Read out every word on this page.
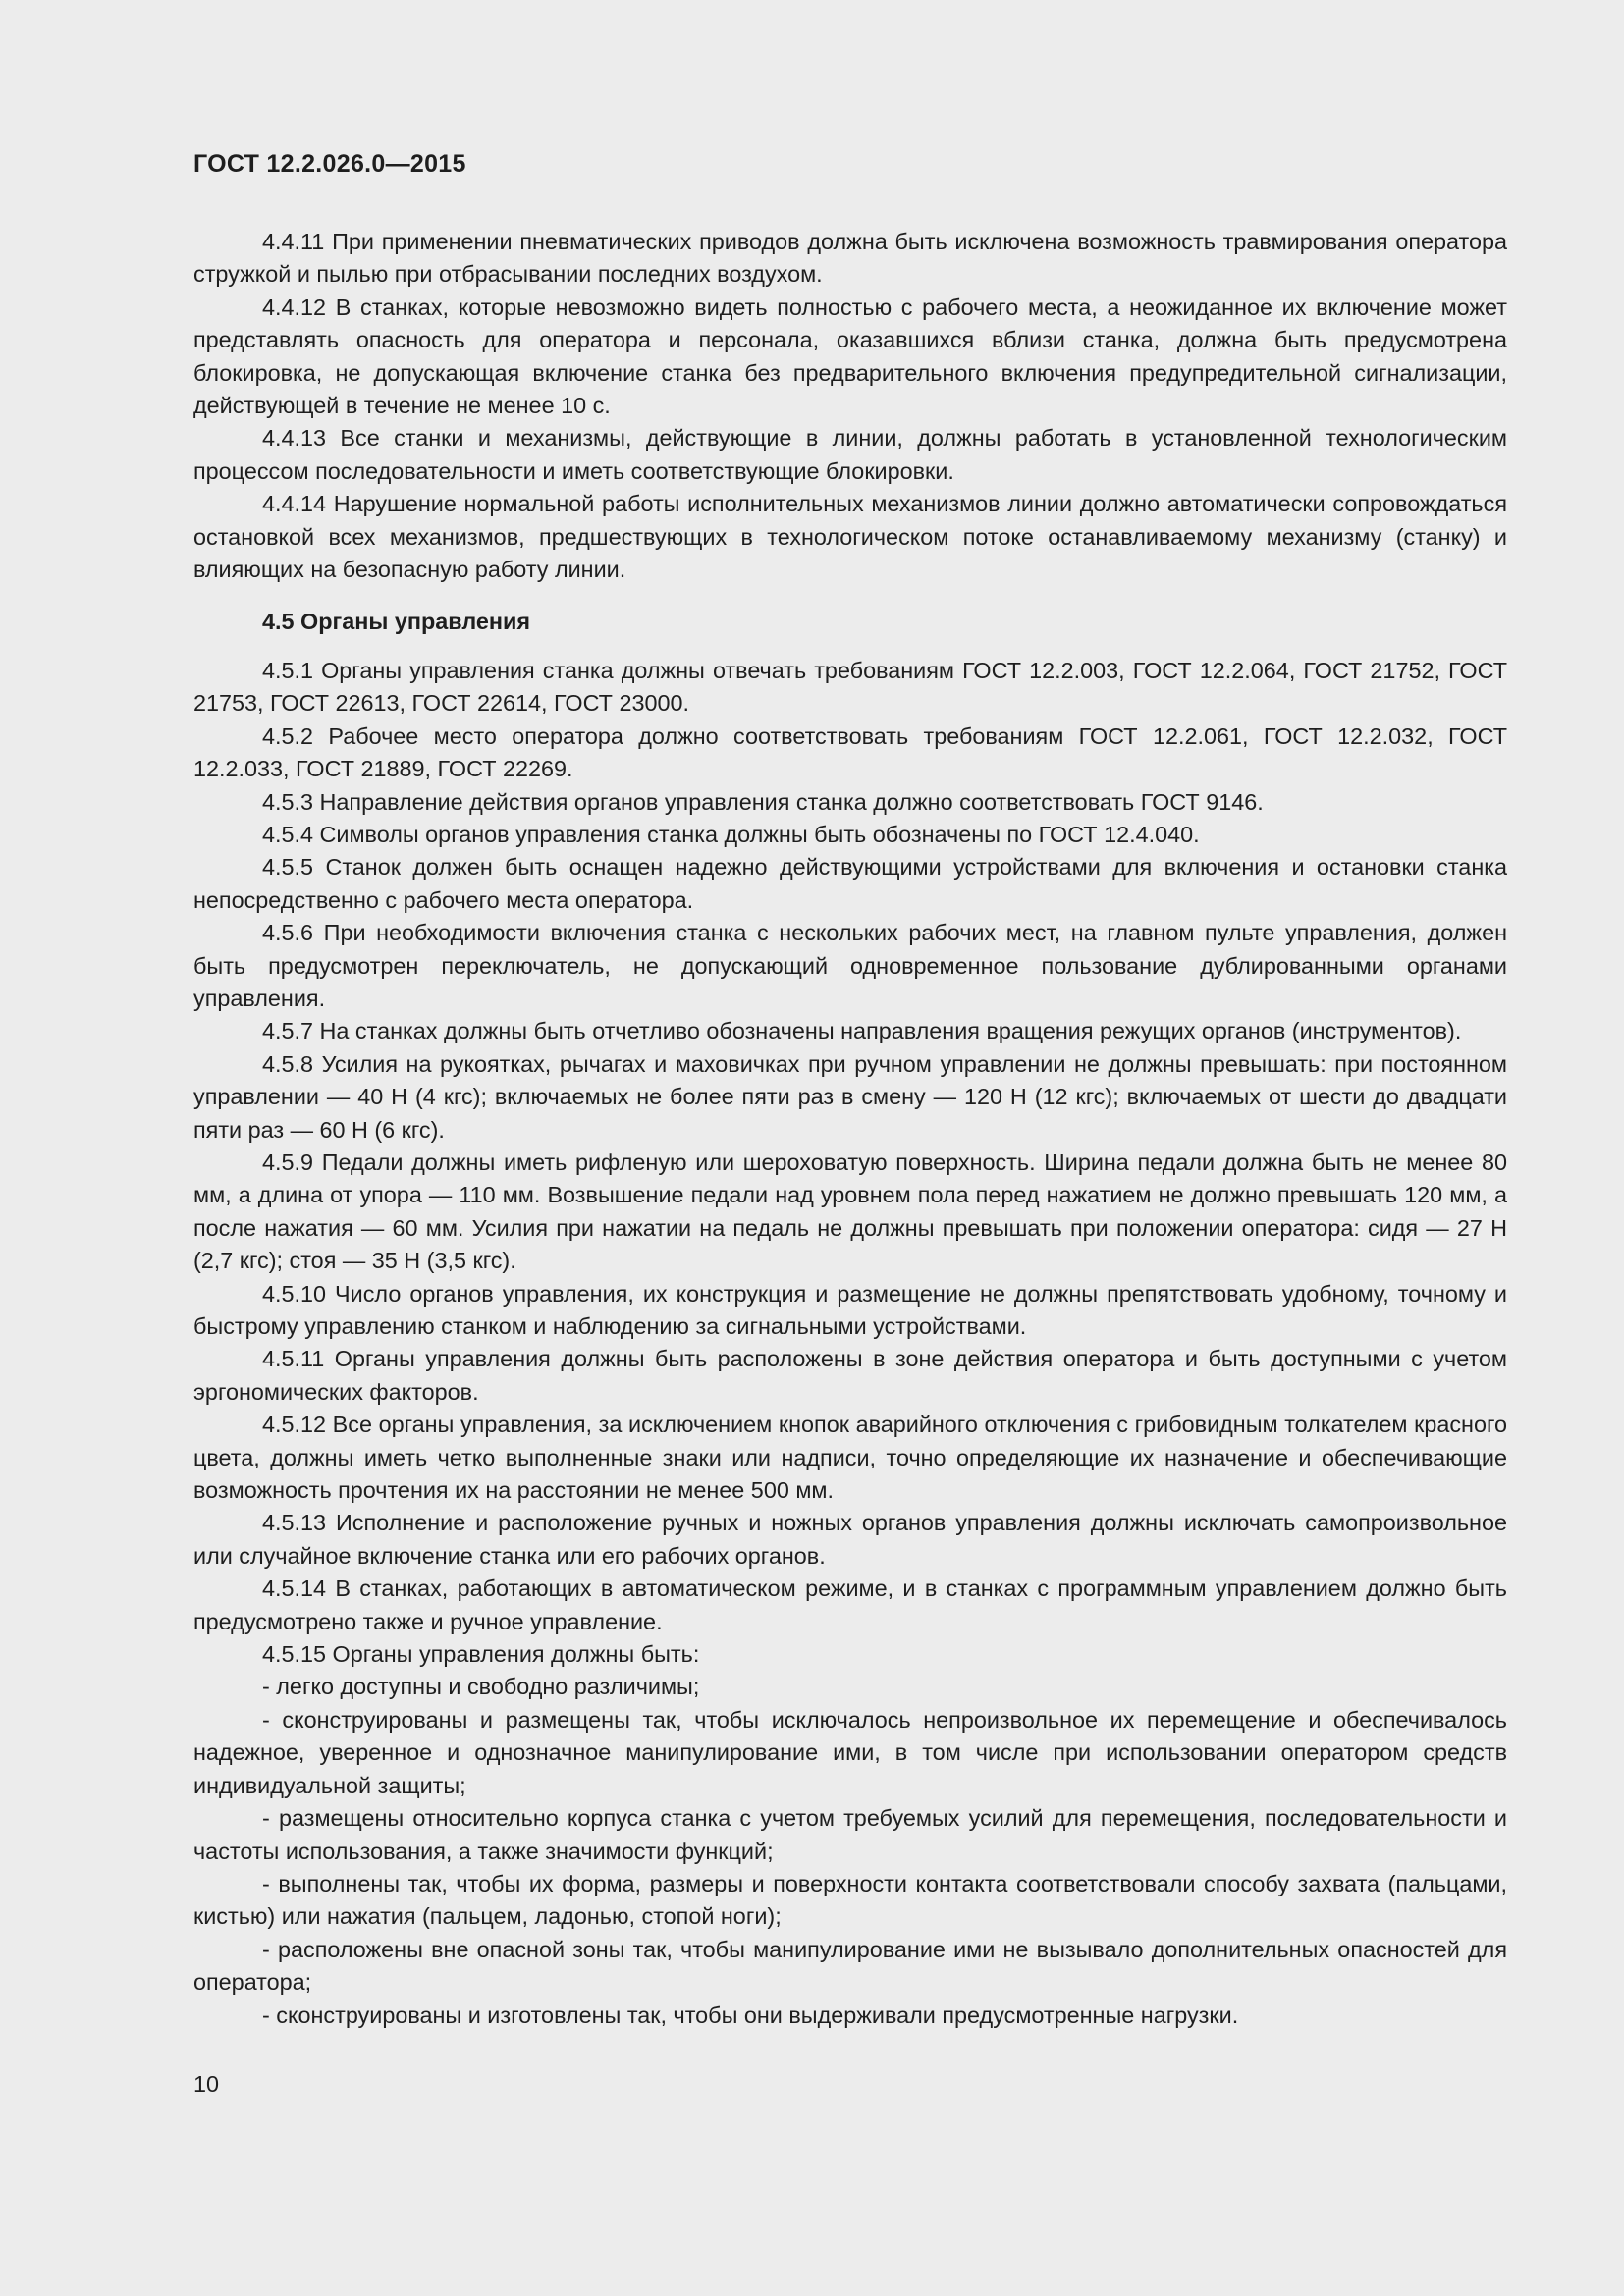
ГОСТ 12.2.026.0—2015

4.4.11 При применении пневматических приводов должна быть исключена возможность травмирования оператора стружкой и пылью при отбрасывании последних воздухом.

4.4.12 В станках, которые невозможно видеть полностью с рабочего места, а неожиданное их включение может представлять опасность для оператора и персонала, оказавшихся вблизи станка, должна быть предусмотрена блокировка, не допускающая включение станка без предварительного включения предупредительной сигнализации, действующей в течение не менее 10 с.

4.4.13 Все станки и механизмы, действующие в линии, должны работать в установленной технологическим процессом последовательности и иметь соответствующие блокировки.

4.4.14 Нарушение нормальной работы исполнительных механизмов линии должно автоматически сопровождаться остановкой всех механизмов, предшествующих в технологическом потоке останавливаемому механизму (станку) и влияющих на безопасную работу линии.

4.5 Органы управления

4.5.1 Органы управления станка должны отвечать требованиям ГОСТ 12.2.003, ГОСТ 12.2.064, ГОСТ 21752, ГОСТ 21753, ГОСТ 22613, ГОСТ 22614, ГОСТ 23000.

4.5.2 Рабочее место оператора должно соответствовать требованиям ГОСТ 12.2.061, ГОСТ 12.2.032, ГОСТ 12.2.033, ГОСТ 21889, ГОСТ 22269.

4.5.3 Направление действия органов управления станка должно соответствовать ГОСТ 9146.

4.5.4 Символы органов управления станка должны быть обозначены по ГОСТ 12.4.040.

4.5.5 Станок должен быть оснащен надежно действующими устройствами для включения и остановки станка непосредственно с рабочего места оператора.

4.5.6 При необходимости включения станка с нескольких рабочих мест, на главном пульте управления, должен быть предусмотрен переключатель, не допускающий одновременное пользование дублированными органами управления.

4.5.7 На станках должны быть отчетливо обозначены направления вращения режущих органов (инструментов).

4.5.8 Усилия на рукоятках, рычагах и маховичках при ручном управлении не должны превышать: при постоянном управлении — 40 Н (4 кгс); включаемых не более пяти раз в смену — 120 Н (12 кгс); включаемых от шести до двадцати пяти раз — 60 Н (6 кгс).

4.5.9 Педали должны иметь рифленую или шероховатую поверхность. Ширина педали должна быть не менее 80 мм, а длина от упора — 110 мм. Возвышение педали над уровнем пола перед нажатием не должно превышать 120 мм, а после нажатия — 60 мм. Усилия при нажатии на педаль не должны превышать при положении оператора: сидя — 27 Н (2,7 кгс); стоя — 35 Н (3,5 кгс).

4.5.10 Число органов управления, их конструкция и размещение не должны препятствовать удобному, точному и быстрому управлению станком и наблюдению за сигнальными устройствами.

4.5.11 Органы управления должны быть расположены в зоне действия оператора и быть доступными с учетом эргономических факторов.

4.5.12 Все органы управления, за исключением кнопок аварийного отключения с грибовидным толкателем красного цвета, должны иметь четко выполненные знаки или надписи, точно определяющие их назначение и обеспечивающие возможность прочтения их на расстоянии не менее 500 мм.

4.5.13 Исполнение и расположение ручных и ножных органов управления должны исключать самопроизвольное или случайное включение станка или его рабочих органов.

4.5.14 В станках, работающих в автоматическом режиме, и в станках с программным управлением должно быть предусмотрено также и ручное управление.

4.5.15 Органы управления должны быть:

- легко доступны и свободно различимы;

- сконструированы и размещены так, чтобы исключалось непроизвольное их перемещение и обеспечивалось надежное, уверенное и однозначное манипулирование ими, в том числе при использовании оператором средств индивидуальной защиты;

- размещены относительно корпуса станка с учетом требуемых усилий для перемещения, последовательности и частоты использования, а также значимости функций;

- выполнены так, чтобы их форма, размеры и поверхности контакта соответствовали способу захвата (пальцами, кистью) или нажатия (пальцем, ладонью, стопой ноги);

- расположены вне опасной зоны так, чтобы манипулирование ими не вызывало дополнительных опасностей для оператора;

- сконструированы и изготовлены так, чтобы они выдерживали предусмотренные нагрузки.

10
